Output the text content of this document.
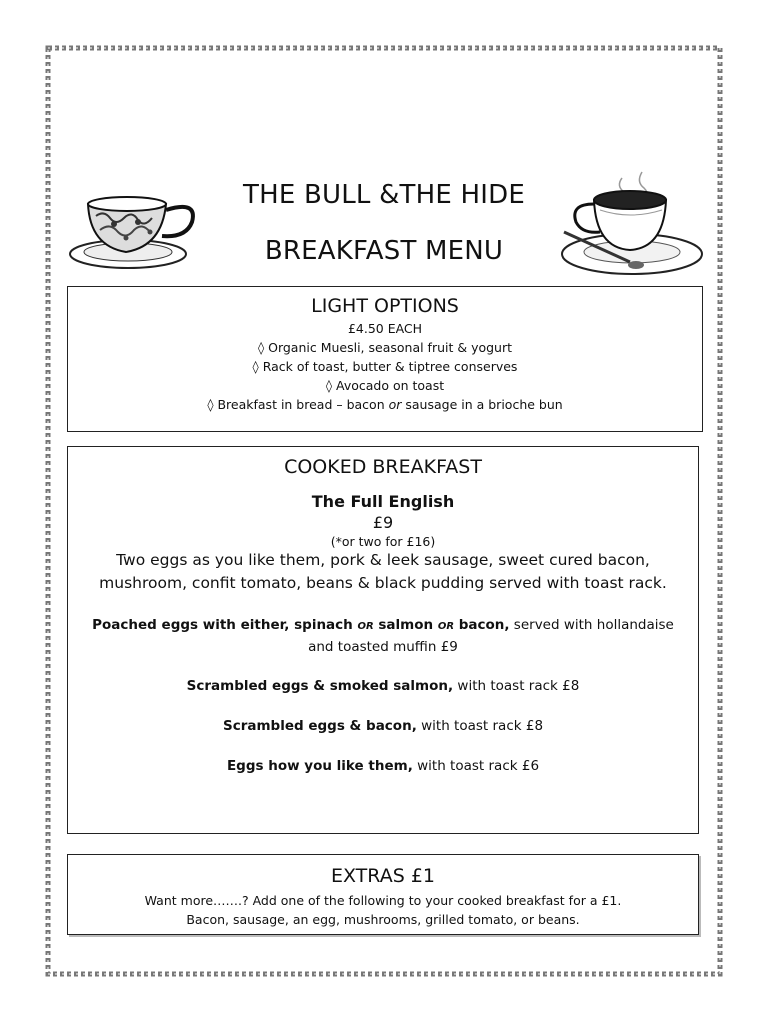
THE BULL &THE HIDE
BREAKFAST MENU

LIGHT OPTIONS

£4.50 EACH

◊ Organic Muesli, seasonal fruit & yogurt

◊ Rack of toast, butter & tiptree conserves

◊ Avocado on toast

◊ Breakfast in bread – bacon or sausage in a brioche bun

COOKED BREAKFAST

The Full English

£9

(*or two for £16)

Two eggs as you like them, pork & leek sausage, sweet cured bacon, mushroom, confit tomato, beans & black pudding served with toast rack.

Poached eggs with either, spinach OR salmon OR bacon, served with hollandaise and toasted muffin £9

Scrambled eggs & smoked salmon, with toast rack £8

Scrambled eggs & bacon, with toast rack £8

Eggs how you like them, with toast rack £6

EXTRAS £1

Want more…….? Add one of the following to your cooked breakfast for a £1.

Bacon, sausage, an egg, mushrooms, grilled tomato, or beans.
